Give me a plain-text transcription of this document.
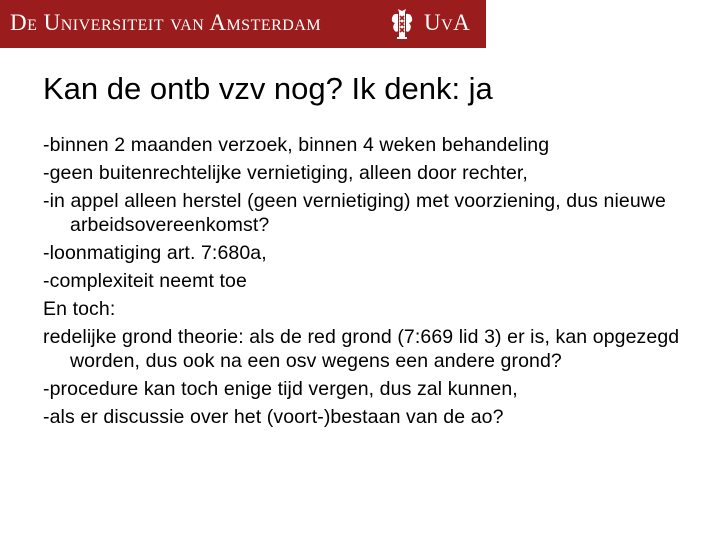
De Universiteit van Amsterdam	UvA
Kan de ontb vzv nog? Ik denk: ja
-binnen 2 maanden verzoek, binnen 4 weken behandeling
-geen buitenrechtelijke vernietiging, alleen door rechter,
-in appel alleen herstel (geen vernietiging) met voorziening, dus nieuwe arbeidsovereenkomst?
-loonmatiging art. 7:680a,
-complexiteit neemt toe
En toch:
redelijke grond theorie: als de red grond (7:669 lid 3) er is, kan opgezegd worden, dus ook na een osv wegens een andere grond?
-procedure kan toch enige tijd vergen, dus zal kunnen,
-als er discussie over het (voort-)bestaan van de ao?
